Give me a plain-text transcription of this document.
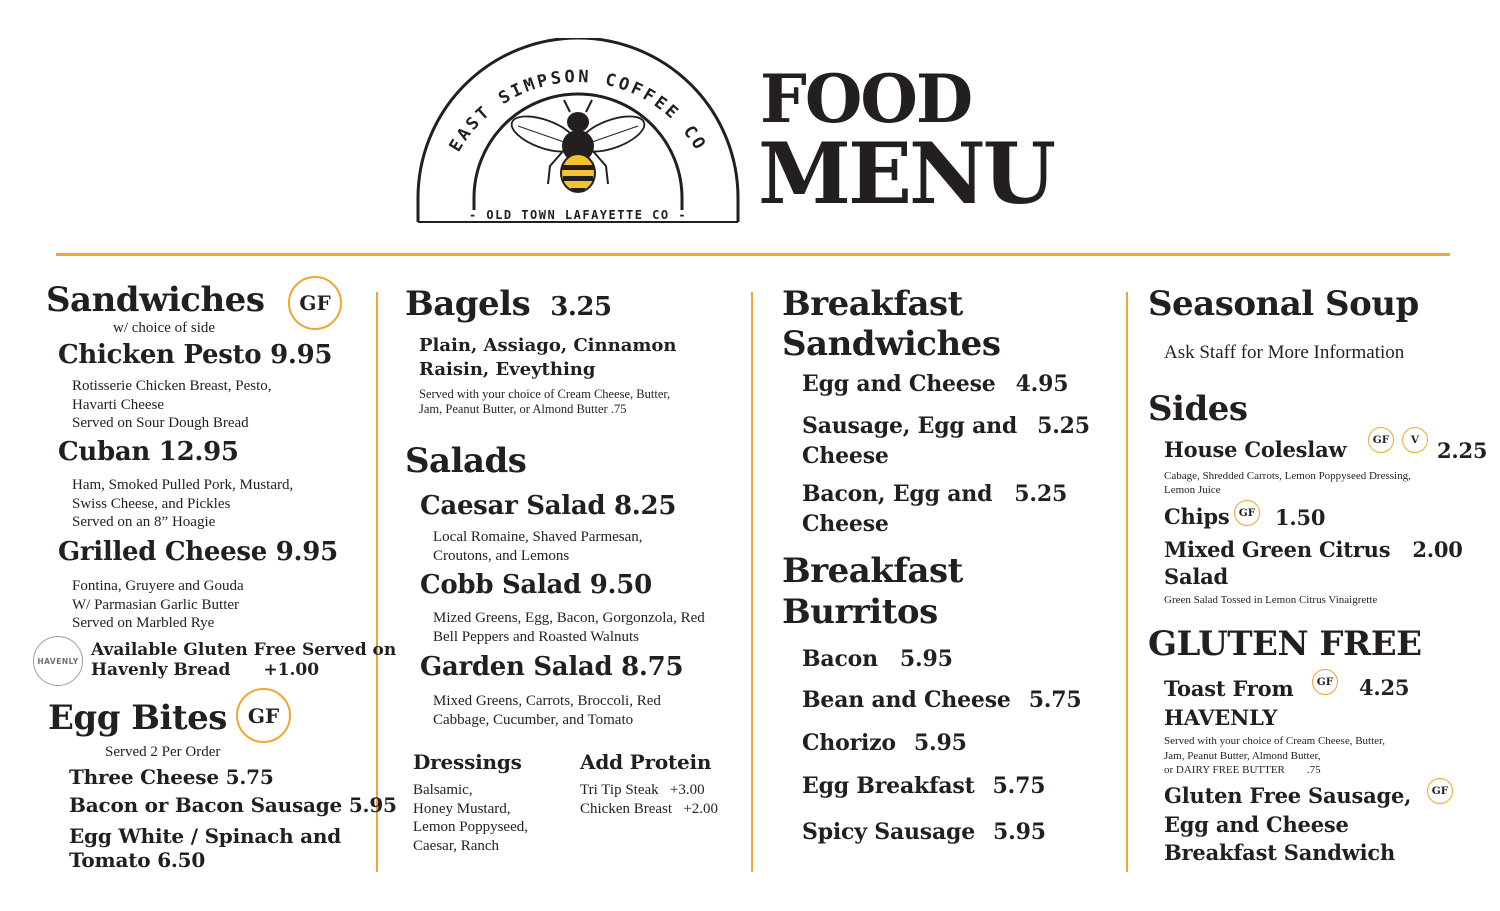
EAST SIMPSON COFFEE CO
- OLD TOWN LAFAYETTE CO -
FOOD
MENU
Sandwiches	GF
w/ choice of side
Chicken Pesto 9.95
Rotisserie Chicken Breast, Pesto,
Havarti Cheese
Served on Sour Dough Bread
Cuban 12.95
Ham, Smoked Pulled Pork, Mustard,
Swiss Cheese, and Pickles
Served on an 8” Hoagie
Grilled Cheese 9.95
Fontina, Gruyere and Gouda
W/ Parmasian Garlic Butter
Served on Marbled Rye
HAVENLY
Available Gluten Free Served on
Havenly Bread +1.00
Egg Bites	GF
Served 2 Per Order
Three Cheese 5.75
Bacon or Bacon Sausage 5.95
Egg White / Spinach and
Tomato 6.50
Bagels 3.25
Plain, Assiago, Cinnamon
Raisin, Eveything
Served with your choice of Cream Cheese, Butter,
Jam, Peanut Butter, or Almond Butter .75
Salads
Caesar Salad 8.25
Local Romaine, Shaved Parmesan,
Croutons, and Lemons
Cobb Salad 9.50
Mized Greens, Egg, Bacon, Gorgonzola, Red
Bell Peppers and Roasted Walnuts
Garden Salad 8.75
Mixed Greens, Carrots, Broccoli, Red
Cabbage, Cucumber, and Tomato
Dressings
Balsamic,
Honey Mustard,
Lemon Poppyseed,
Caesar, Ranch
Add Protein
Tri Tip Steak +3.00
Chicken Breast +2.00
Breakfast
Sandwiches
Egg and Cheese 4.95
Sausage, Egg and 5.25
Cheese
Bacon, Egg and 5.25
Cheese
Breakfast
Burritos
Bacon 5.95
Bean and Cheese 5.75
Chorizo 5.95
Egg Breakfast 5.75
Spicy Sausage 5.95
Seasonal Soup
Ask Staff for More Information
Sides
House Coleslaw	GF	V 2.25
Cabage, Shredded Carrots, Lemon Poppyseed Dressing,
Lemon Juice
Chips GF 1.50
Mixed Green Citrus 2.00
Salad
Green Salad Tossed in Lemon Citrus Vinaigrette
GLUTEN FREE
Toast From
HAVENLY
GF 4.25
Served with your choice of Cream Cheese, Butter,
Jam, Peanut Butter, Almond Butter,
or DAIRY FREE BUTTER .75
Gluten Free Sausage,
Egg and Cheese
Breakfast Sandwich
GF
